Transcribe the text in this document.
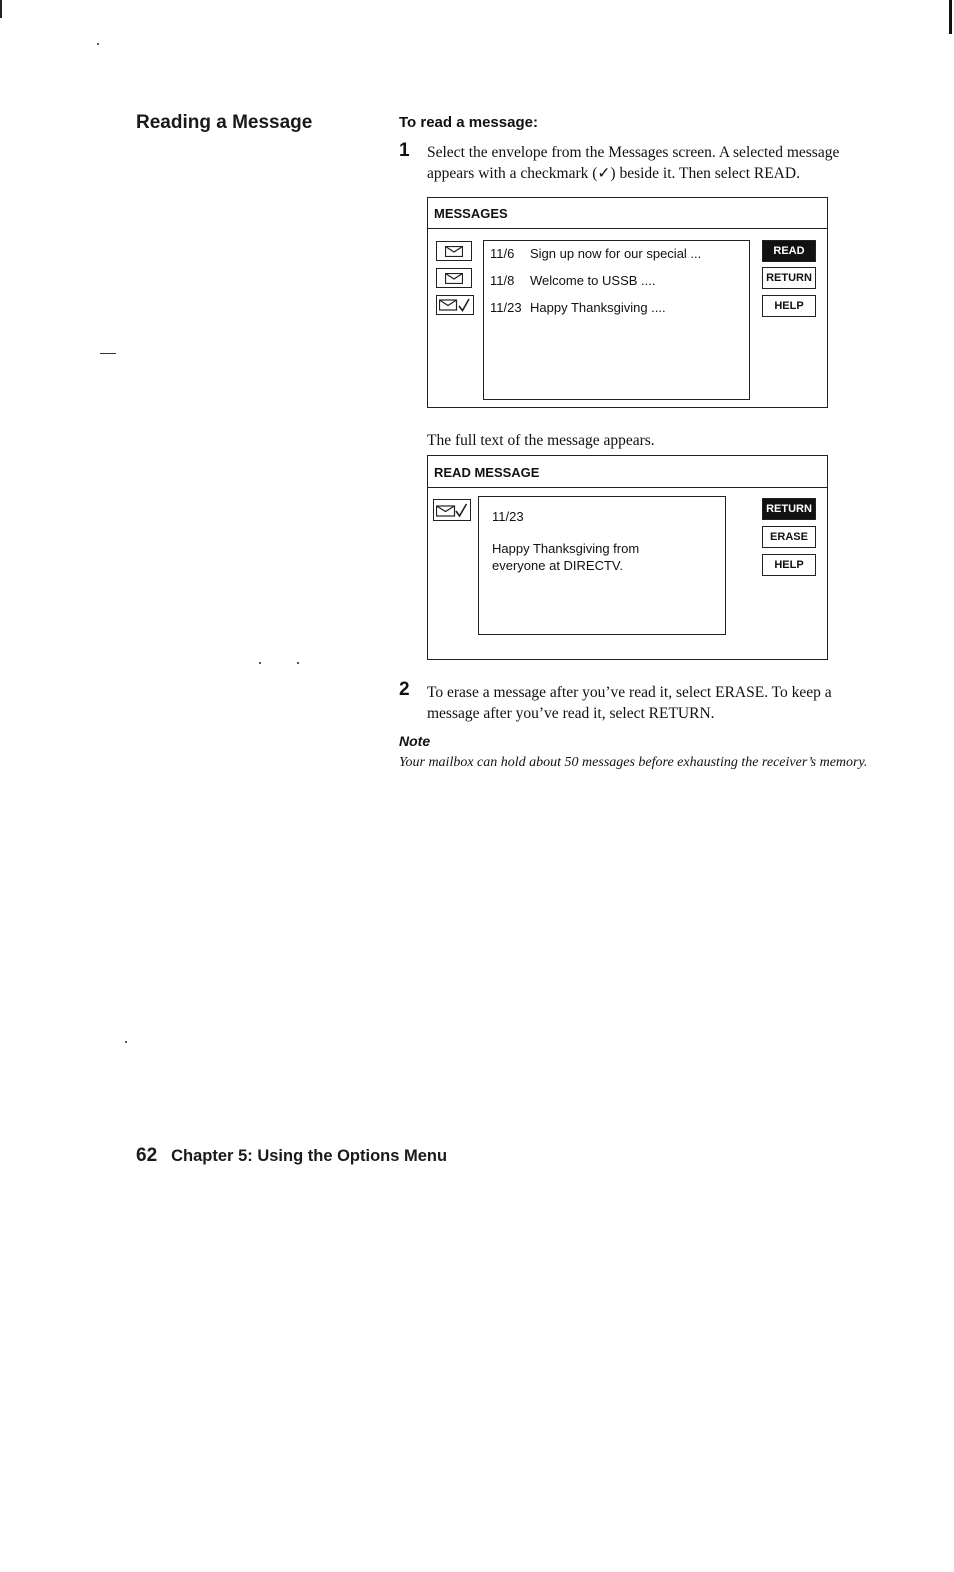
Reading a Message	To read a message:
1 Select the envelope from the Messages screen. A selected message appears with a checkmark (✓) beside it. Then select READ.
MESSAGES
11/6	Sign up now for our special ...
11/8	Welcome to USSB ....
11/23 Happy Thanksgiving ....
READ
RETURN
HELP
The full text of the message appears.
READ MESSAGE
11/23
Happy Thanksgiving from
everyone at DIRECTV.
RETURN
ERASE
HELP
2 To erase a message after you’ve read it, select ERASE. To keep a message after you’ve read it, select RETURN.
Note
Your mailbox can hold about 50 messages before exhausting the receiver’s memory.
62 Chapter 5: Using the Options Menu
